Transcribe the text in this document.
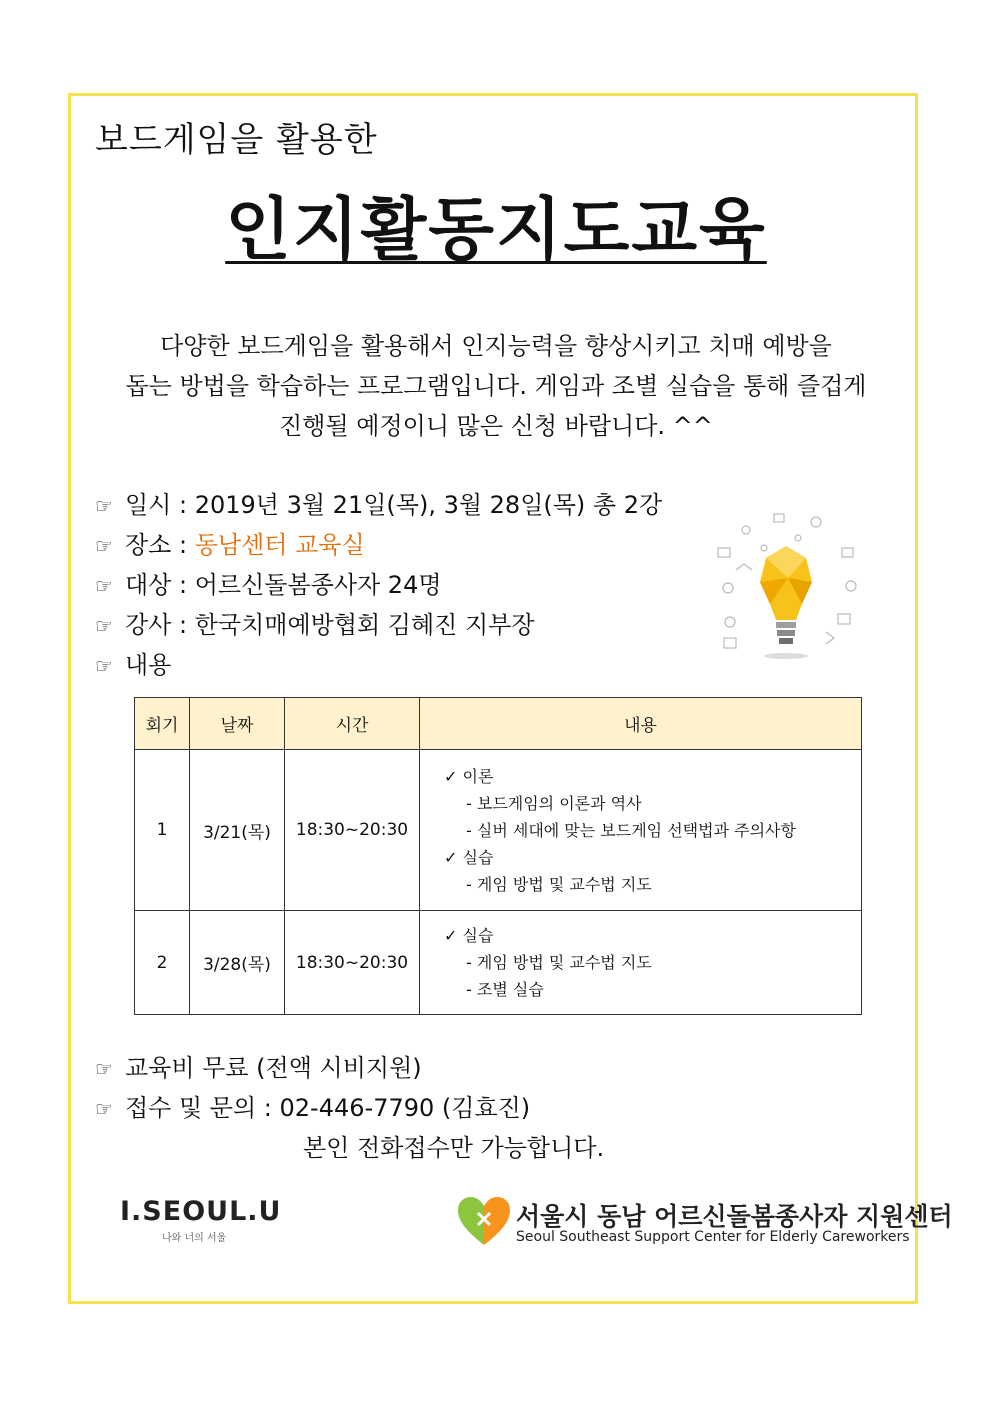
보드게임을 활용한
인지활동지도교육
다양한 보드게임을 활용해서 인지능력을 향상시키고 치매 예방을
돕는 방법을 학습하는 프로그램입니다. 게임과 조별 실습을 통해 즐겁게
진행될 예정이니 많은 신청 바랍니다. ^^
☞ 일시 : 2019년 3월 21일(목), 3월 28일(목) 총 2강
☞ 장소 : 동남센터 교육실
☞ 대상 : 어르신돌봄종사자 24명
☞ 강사 : 한국치매예방협회 김혜진 지부장
☞ 내용
회기	날짜	시간	내용
1	3/21(목)	18:30~20:30	✓ 이론
- 보드게임의 이론과 역사
- 실버 세대에 맞는 보드게임 선택법과 주의사항
✓ 실습
- 게임 방법 및 교수법 지도

2	3/28(목)	18:30~20:30	✓ 실습
- 게임 방법 및 교수법 지도
- 조별 실습
☞ 교육비 무료 (전액 시비지원)
☞ 접수 및 문의 : 02-446-7790 (김효진)
본인 전화접수만 가능합니다.
I.SEOUL.U
나와 너의 서울
서울시 동남 어르신돌봄종사자 지원센터
Seoul Southeast Support Center for Elderly Careworkers
